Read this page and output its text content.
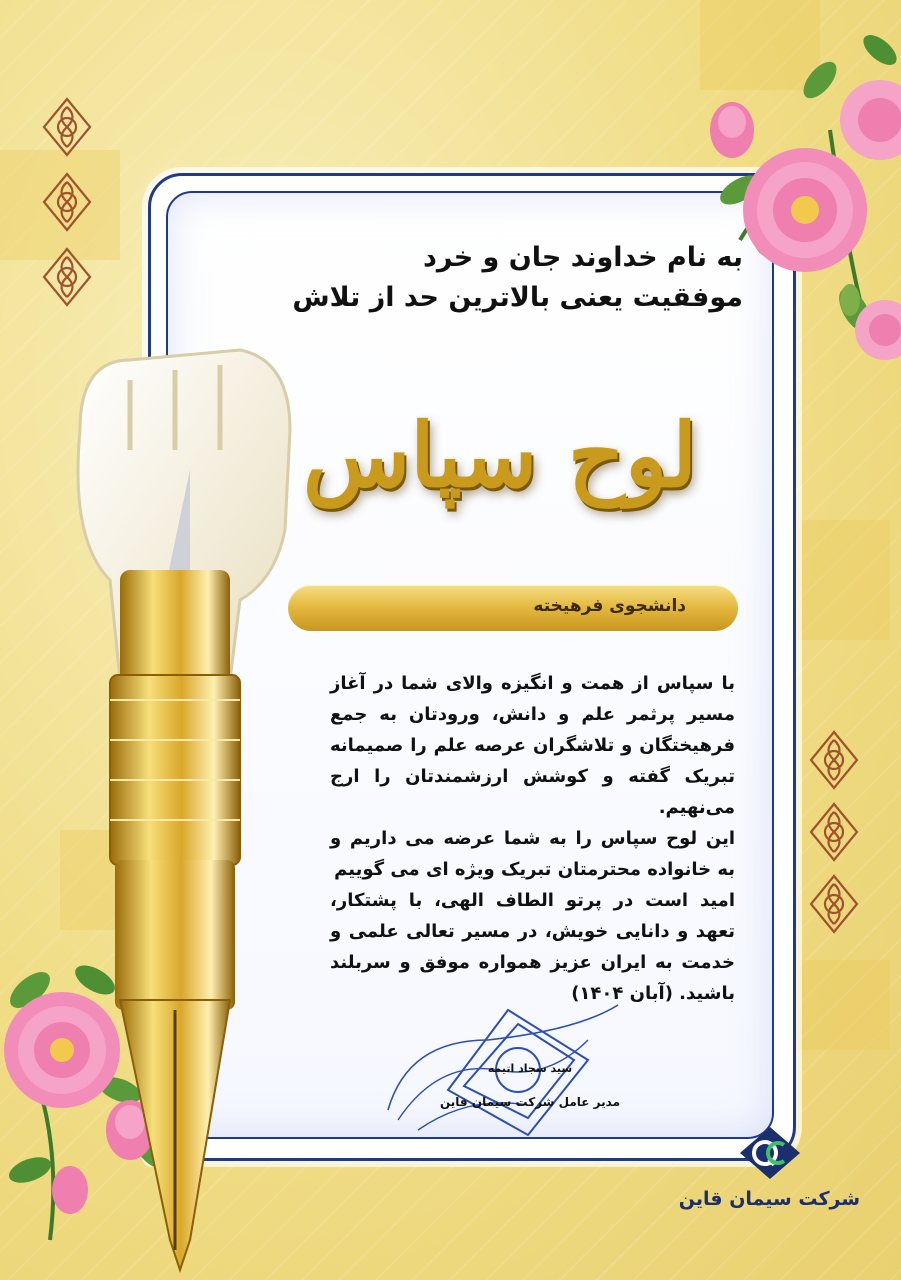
به نام خداوند جان و خرد

موفقیت یعنی بالاترین حد از تلاش

لوح سپاس
دانشجوی فرهیخته

با سپاس از همت و انگیزه والای شما در آغاز مسیر پرثمر علم و دانش، ورودتان به جمع فرهیختگان و تلاشگران عرصه علم را صمیمانه تبریک گفته و کوشش ارزشمندتان را ارج می‌نهیم.

این لوح سپاس را به شما عرضه می داریم و به خانواده محترمتان تبریک ویژه ای می گوییم

امید است در پرتو الطاف الهی، با پشتکار، تعهد و دانایی خویش، در مسیر تعالی علمی و خدمت به ایران عزیز همواره موفق و سربلند باشید. (آبان ۱۴۰۴)

سید سجاد اتیمه
مدیر عامل شرکت سیمان قاین
شرکت سیمان قاین
